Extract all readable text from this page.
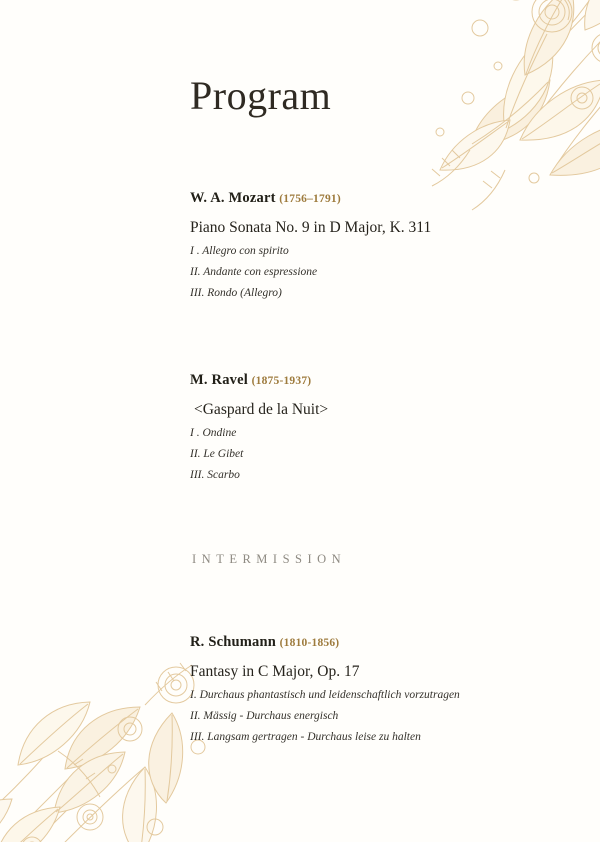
Program

W. A. Mozart (1756–1791)

Piano Sonata No. 9 in D Major, K. 311

I . Allegro con spirito

II. Andante con espressione

III. Rondo (Allegro)

M. Ravel (1875-1937)

<Gaspard de la Nuit>

I . Ondine

II. Le Gibet

III. Scarbo

INTERMISSION

R. Schumann (1810-1856)

Fantasy in C Major, Op. 17

I. Durchaus phantastisch und leidenschaftlich vorzutragen

II. Mässig - Durchaus energisch

III. Langsam gertragen - Durchaus leise zu halten
